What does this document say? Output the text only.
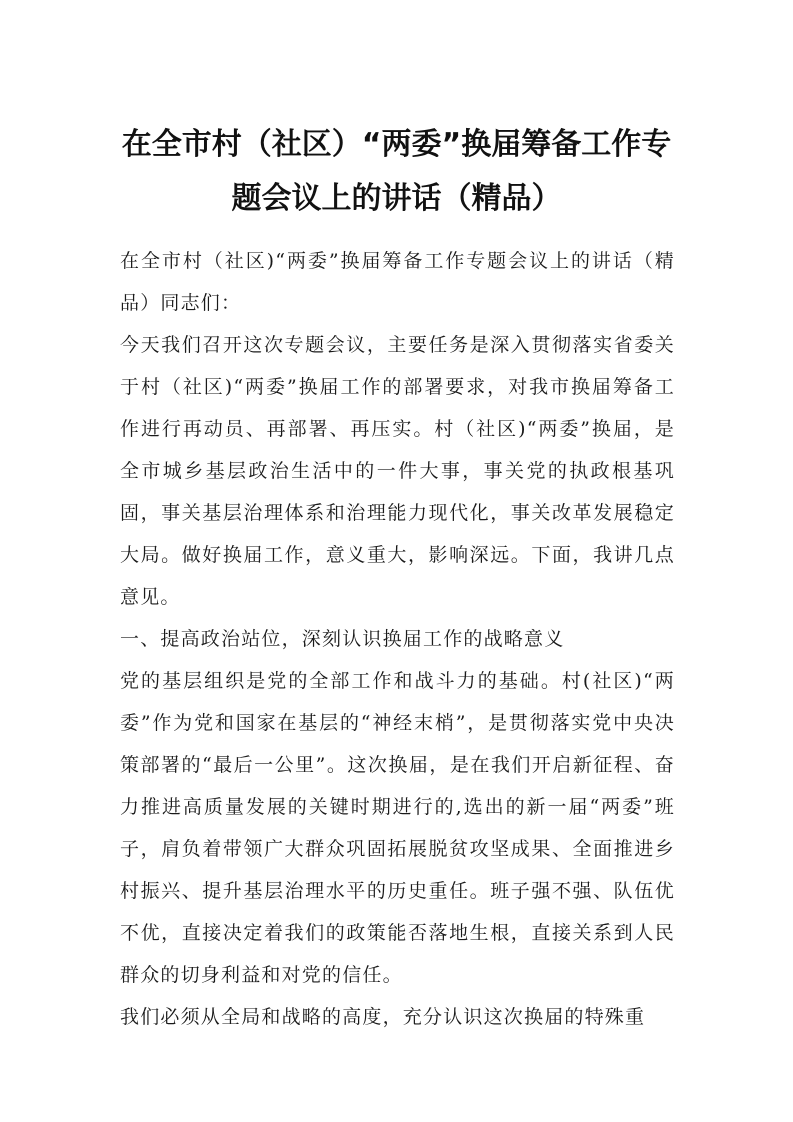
在全市村（社区）“两委”换届筹备工作专题会议上的讲话（精品）

在全市村（社区)“两委”换届筹备工作专题会议上的讲话（精品）同志们：

今天我们召开这次专题会议，主要任务是深入贯彻落实省委关于村（社区)“两委”换届工作的部署要求，对我市换届筹备工作进行再动员、再部署、再压实。村（社区)“两委”换届，是全市城乡基层政治生活中的一件大事，事关党的执政根基巩固，事关基层治理体系和治理能力现代化，事关改革发展稳定大局。做好换届工作，意义重大，影响深远。下面，我讲几点意见。

一、提高政治站位，深刻认识换届工作的战略意义

党的基层组织是党的全部工作和战斗力的基础。村(社区)“两委”作为党和国家在基层的“神经末梢”，是贯彻落实党中央决策部署的“最后一公里”。这次换届，是在我们开启新征程、奋力推进高质量发展的关键时期进行的,选出的新一届“两委”班子，肩负着带领广大群众巩固拓展脱贫攻坚成果、全面推进乡村振兴、提升基层治理水平的历史重任。班子强不强、队伍优不优，直接决定着我们的政策能否落地生根，直接关系到人民群众的切身利益和对党的信任。

我们必须从全局和战略的高度，充分认识这次换届的特殊重
